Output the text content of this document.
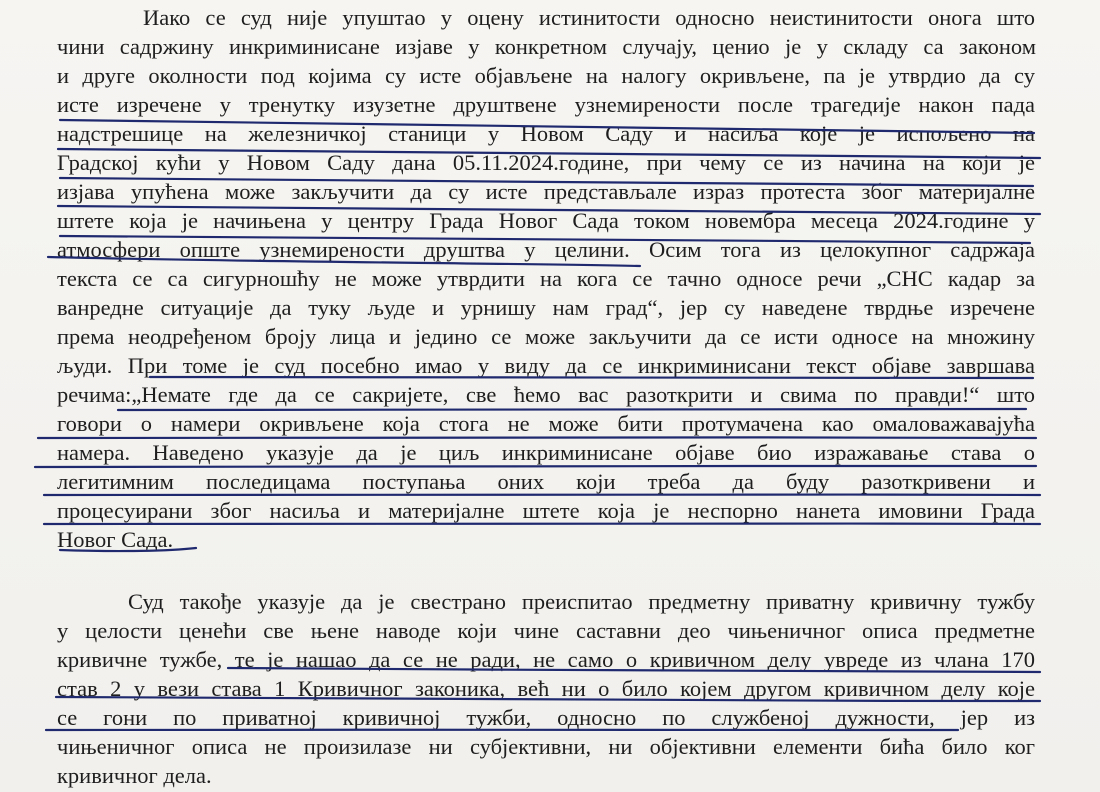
Иако се суд није упуштао у оцену истинитости односно неистинитости онога што
чини садржину инкриминисане изјаве у конкретном случају, ценио је у складу са законом
и друге околности под којима су исте објављене на налогу окривљене, па је утврдио да су
исте изречене у тренутку изузетне друштвене узнемирености после трагедије након пада
надстрешице на железничкој станици у Новом Саду и насиља које је испољено на
Градској кући у Новом Саду дана 05.11.2024.године, при чему се из начина на који је
изјава упућена може закључити да су исте представљале израз протеста због материјалне
штете која је начињена у центру Града Новог Сада током новембра месеца 2024.године у
атмосфери опште узнемирености друштва у целини. Осим тога из целокупног садржаја
текста се са сигурношћу не може утврдити на кога се тачно односе речи „СНС кадар за
ванредне ситуације да туку људе и урнишу нам град“, јер су наведене тврдње изречене
према неодређеном броју лица и једино се може закључити да се исти односе на множину
људи. При томе је суд посебно имао у виду да се инкриминисани текст објаве завршава
речима:„Немате где да се сакријете, све ћемо вас разоткрити и свима по правди!“ што
говори о намери окривљене која стога не може бити протумачена као омаловажавајућа
намера. Наведено указује да је циљ инкриминисане објаве био изражавање става о
легитимним последицама поступања оних који треба да буду разоткривени и
процесуирани због насиља и материјалне штете која је неспорно нанета имовини Града
Новог Сада.
Суд такође указује да је свестрано преиспитао предметну приватну кривичну тужбу
у целости ценећи све њене наводе који чине саставни део чињеничног описа предметне
кривичне тужбе, те је нашао да се не ради, не само о кривичном делу увреде из члана 170
став 2 у вези става 1 Кривичног законика, већ ни о било којем другом кривичном делу које
се гони по приватној кривичној тужби, односно по службеној дужности, јер из
чињеничног описа не произилазе ни субјективни, ни објективни елементи бића било ког
кривичног дела.
